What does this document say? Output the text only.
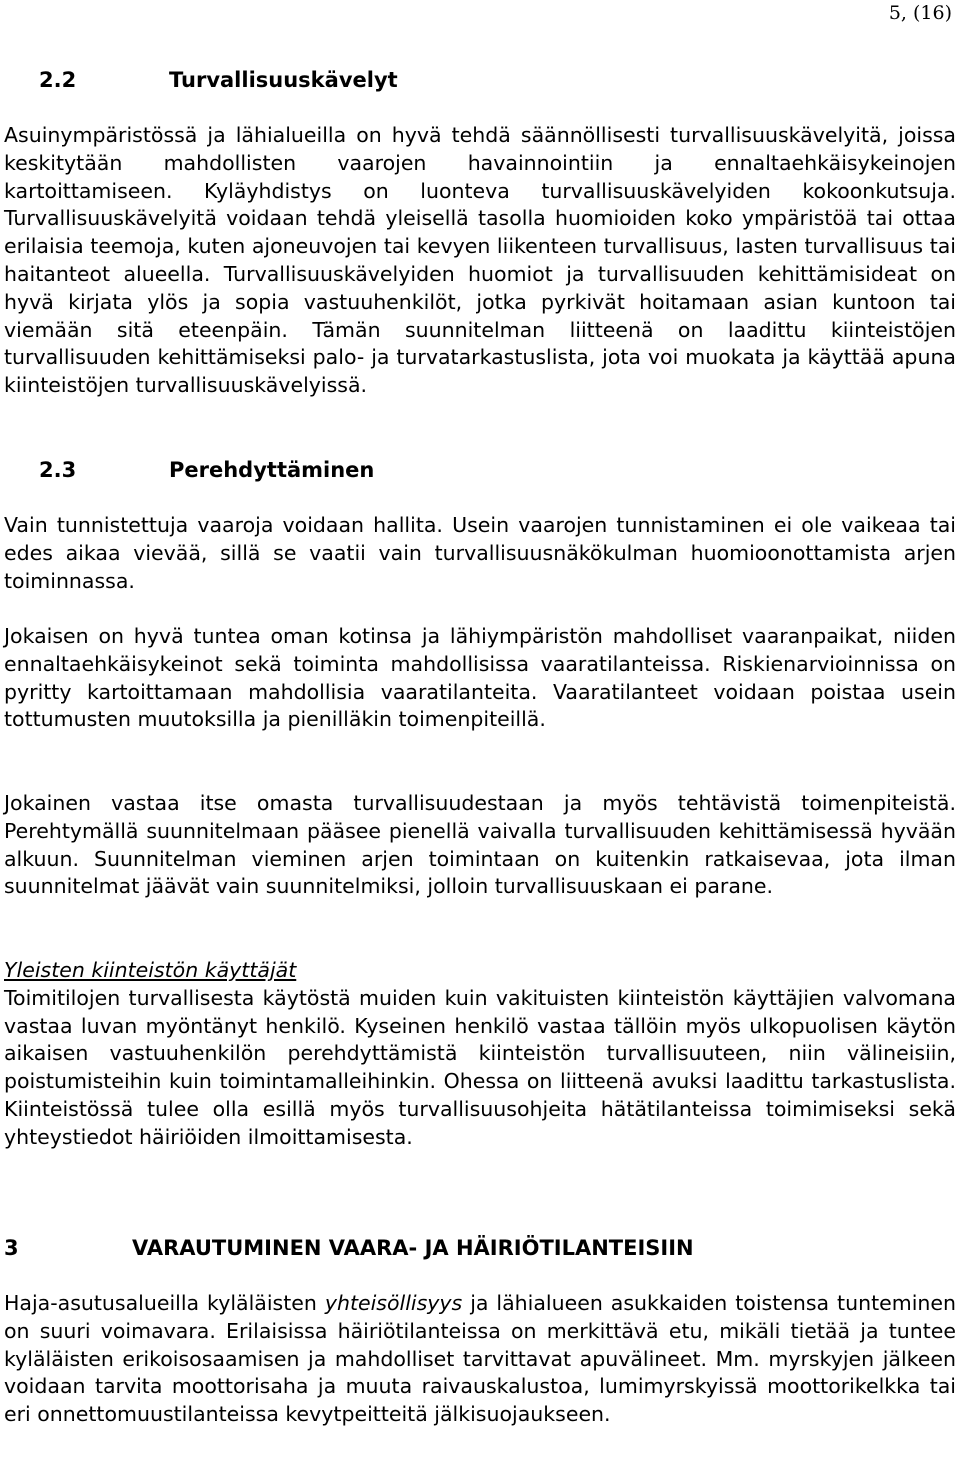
5, (16)
2.2	Turvallisuuskävelyt

Asuinympäristössä ja lähialueilla on hyvä tehdä säännöllisesti turvallisuuskävelyitä, joissa keskitytään mahdollisten vaarojen havainnointiin ja ennaltaehkäisykeinojen kartoittamiseen. Kyläyhdistys on luonteva turvallisuuskävelyiden kokoonkutsuja. Turvallisuuskävelyitä voidaan tehdä yleisellä tasolla huomioiden koko ympäristöä tai ottaa erilaisia teemoja, kuten ajoneuvojen tai kevyen liikenteen turvallisuus, lasten turvallisuus tai haitanteot alueella. Turvallisuuskävelyiden huomiot ja turvallisuuden kehittämisideat on hyvä kirjata ylös ja sopia vastuuhenkilöt, jotka pyrkivät hoitamaan asian kuntoon tai viemään sitä eteenpäin. Tämän suunnitelman liitteenä on laadittu kiinteistöjen turvallisuuden kehittämiseksi palo- ja turvatarkastuslista, jota voi muokata ja käyttää apuna kiinteistöjen turvallisuuskävelyissä.

2.3	Perehdyttäminen

Vain tunnistettuja vaaroja voidaan hallita. Usein vaarojen tunnistaminen ei ole vaikeaa tai edes aikaa vievää, sillä se vaatii vain turvallisuusnäkökulman huomioonottamista arjen toiminnassa.

Jokaisen on hyvä tuntea oman kotinsa ja lähiympäristön mahdolliset vaaranpaikat, niiden ennaltaehkäisykeinot sekä toiminta mahdollisissa vaaratilanteissa. Riskienarvioinnissa on pyritty kartoittamaan mahdollisia vaaratilanteita. Vaaratilanteet voidaan poistaa usein tottumusten muutoksilla ja pienilläkin toimenpiteillä.

Jokainen vastaa itse omasta turvallisuudestaan ja myös tehtävistä toimenpiteistä. Perehtymällä suunnitelmaan pääsee pienellä vaivalla turvallisuuden kehittämisessä hyvään alkuun. Suunnitelman vieminen arjen toimintaan on kuitenkin ratkaisevaa, jota ilman suunnitelmat jäävät vain suunnitelmiksi, jolloin turvallisuuskaan ei parane.

Yleisten kiinteistön käyttäjät

Toimitilojen turvallisesta käytöstä muiden kuin vakituisten kiinteistön käyttäjien valvomana vastaa luvan myöntänyt henkilö. Kyseinen henkilö vastaa tällöin myös ulkopuolisen käytön aikaisen vastuuhenkilön perehdyttämistä kiinteistön turvallisuuteen, niin välineisiin, poistumisteihin kuin toimintamalleihinkin. Ohessa on liitteenä avuksi laadittu tarkastuslista. Kiinteistössä tulee olla esillä myös turvallisuusohjeita hätätilanteissa toimimiseksi sekä yhteystiedot häiriöiden ilmoittamisesta.

3	VARAUTUMINEN VAARA- JA HÄIRIÖTILANTEISIIN

Haja-asutusalueilla kyläläisten yhteisöllisyys ja lähialueen asukkaiden toistensa tunteminen on suuri voimavara. Erilaisissa häiriötilanteissa on merkittävä etu, mikäli tietää ja tuntee kyläläisten erikoisosaamisen ja mahdolliset tarvittavat apuvälineet. Mm. myrskyjen jälkeen voidaan tarvita moottorisaha ja muuta raivauskalustoa, lumimyrskyissä moottorikelkka tai eri onnettomuustilanteissa kevytpeitteitä jälkisuojaukseen.
